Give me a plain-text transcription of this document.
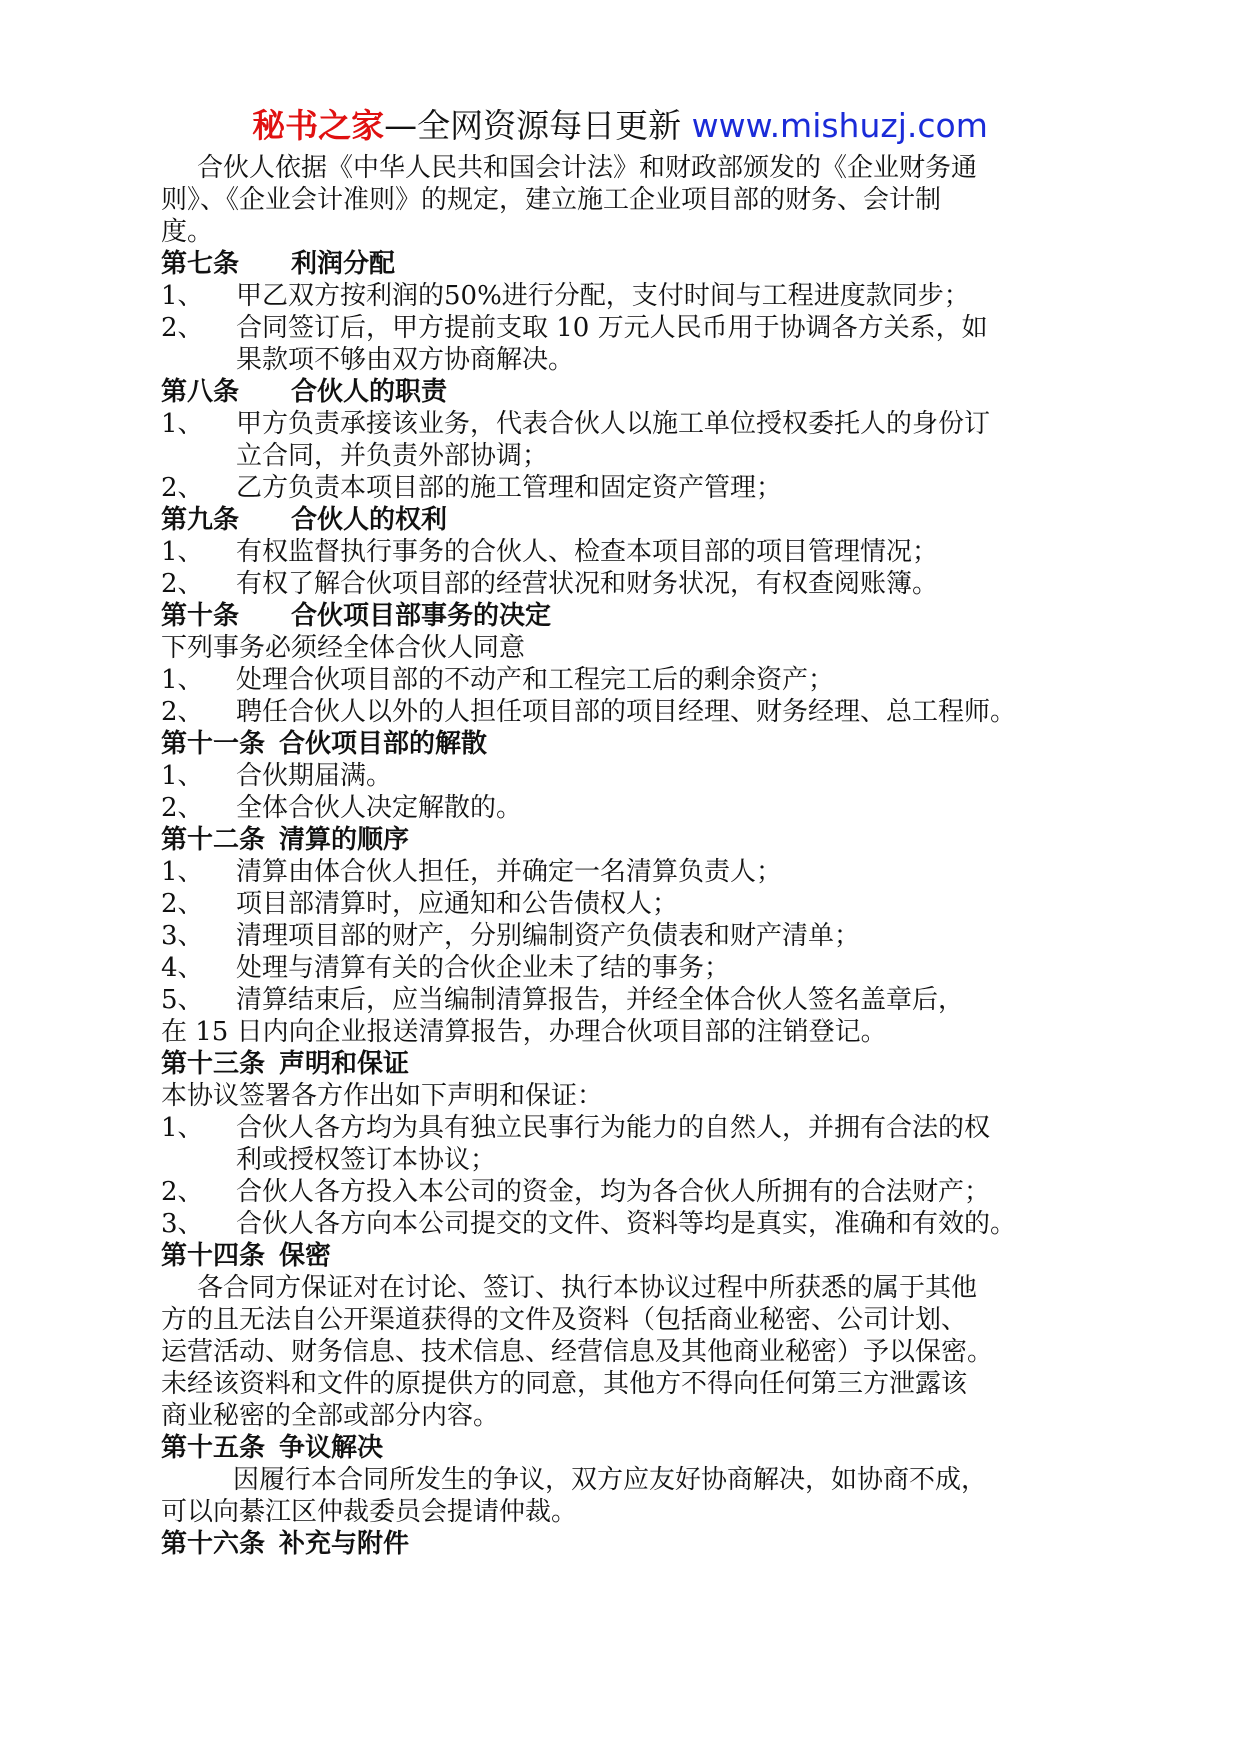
秘书之家—全网资源每日更新 www.mishuzj.com
合伙人依据《中华人民共和国会计法》和财政部颁发的《企业财务通
则》、《企业会计准则》的规定，建立施工企业项目部的财务、会计制
度。
第七条 利润分配
1、 甲乙双方按利润的50%进行分配，支付时间与工程进度款同步；
2、 合同签订后，甲方提前支取 10 万元人民币用于协调各方关系，如
果款项不够由双方协商解决。
第八条 合伙人的职责
1、 甲方负责承接该业务，代表合伙人以施工单位授权委托人的身份订
立合同，并负责外部协调；
2、 乙方负责本项目部的施工管理和固定资产管理；
第九条 合伙人的权利
1、 有权监督执行事务的合伙人、检查本项目部的项目管理情况；
2、 有权了解合伙项目部的经营状况和财务状况，有权查阅账簿。
第十条 合伙项目部事务的决定
下列事务必须经全体合伙人同意
1、 处理合伙项目部的不动产和工程完工后的剩余资产；
2、 聘任合伙人以外的人担任项目部的项目经理、财务经理、总工程师。
第十一条 合伙项目部的解散
1、 合伙期届满。
2、 全体合伙人决定解散的。
第十二条 清算的顺序
1、 清算由体合伙人担任，并确定一名清算负责人；
2、 项目部清算时，应通知和公告债权人；
3、 清理项目部的财产，分别编制资产负债表和财产清单；
4、 处理与清算有关的合伙企业未了结的事务；
5、 清算结束后，应当编制清算报告，并经全体合伙人签名盖章后，
在 15 日内向企业报送清算报告，办理合伙项目部的注销登记。
第十三条 声明和保证
本协议签署各方作出如下声明和保证：
1、 合伙人各方均为具有独立民事行为能力的自然人，并拥有合法的权
利或授权签订本协议；
2、 合伙人各方投入本公司的资金，均为各合伙人所拥有的合法财产；
3、 合伙人各方向本公司提交的文件、资料等均是真实，准确和有效的。
第十四条 保密
各合同方保证对在讨论、签订、执行本协议过程中所获悉的属于其他
方的且无法自公开渠道获得的文件及资料（包括商业秘密、公司计划、
运营活动、财务信息、技术信息、经营信息及其他商业秘密）予以保密。
未经该资料和文件的原提供方的同意，其他方不得向任何第三方泄露该
商业秘密的全部或部分内容。
第十五条 争议解决
因履行本合同所发生的争议，双方应友好协商解决，如协商不成，
可以向綦江区仲裁委员会提请仲裁。
第十六条 补充与附件
